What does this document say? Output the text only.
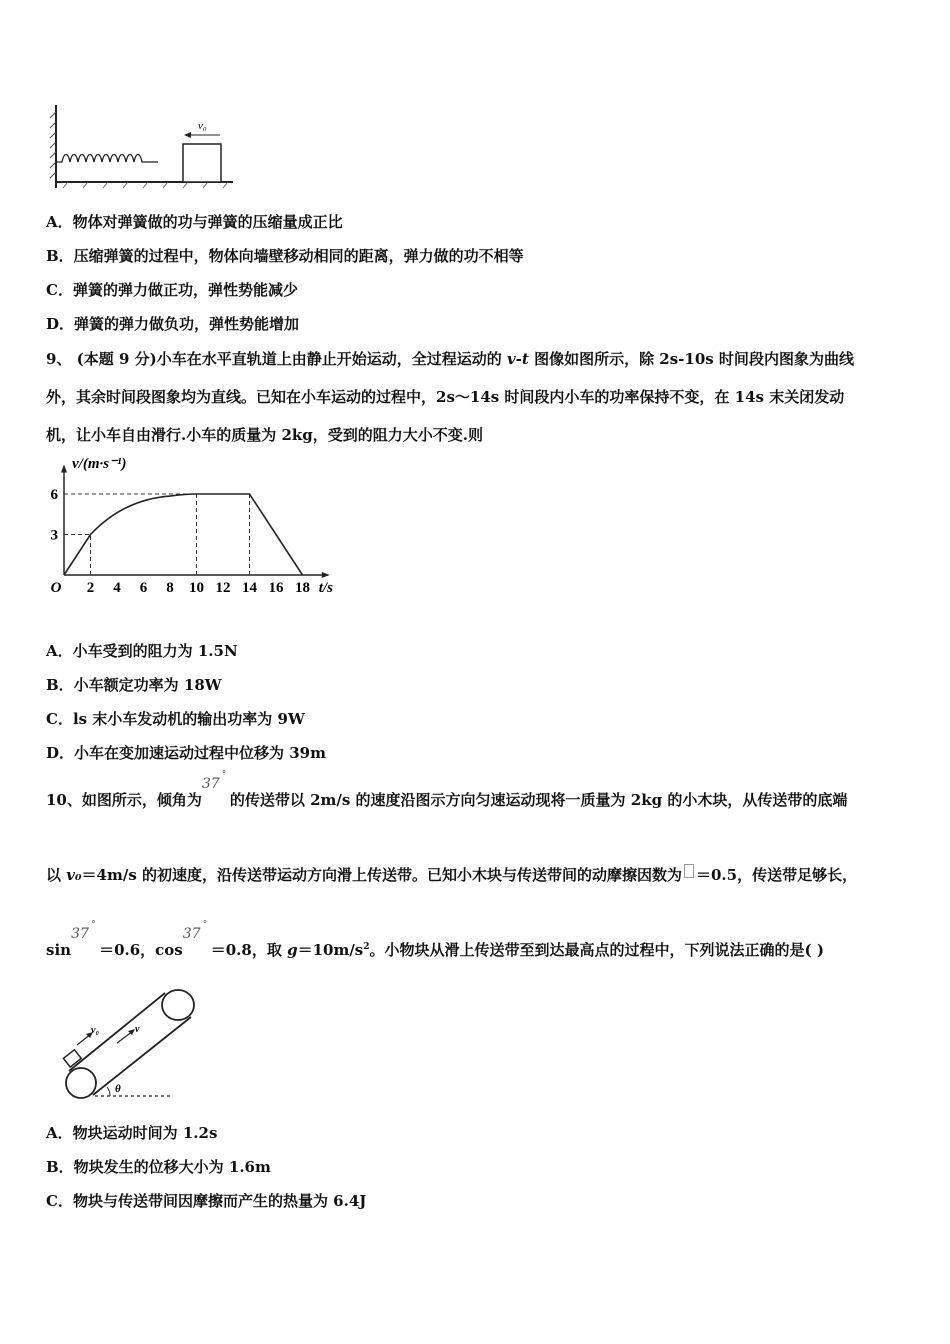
v₀
A．物体对弹簧做的功与弹簧的压缩量成正比
B．压缩弹簧的过程中，物体向墙壁移动相同的距离，弹力做的功不相等
C．弹簧的弹力做正功，弹性势能减少
D．弹簧的弹力做负功，弹性势能增加
9、 (本题 9 分)小车在水平直轨道上由静止开始运动，全过程运动的 v-t 图像如图所示，除 2s-10s 时间段内图象为曲线
外，其余时间段图象均为直线。已知在小车运动的过程中，2s～14s 时间段内小车的功率保持不变，在 14s 末关闭发动
机，让小车自由滑行.小车的质量为 2kg，受到的阻力大小不变.则
2 4 6 8 10 12 14 16 18
3
6
O	t/s
v/(m·s⁻¹)
A．小车受到的阻力为 1.5N
B．小车额定功率为 18W
C．ls 末小车发动机的输出功率为 9W
D．小车在变加速运动过程中位移为 39m
10、如图所示，倾角为
37
°
的传送带以 2m/s 的速度沿图示方向匀速运动现将一质量为 2kg 的小木块，从传送带的底端
以 v₀＝4m/s 的初速度，沿传送带运动方向滑上传送带。已知小木块与传送带间的动摩擦因数为 ＝0.5，传送带足够长，
sin
37
°
＝0.6，cos
37
°
＝0.8，取 $g=10m/s^2$。小物块从滑上传送带至到达最高点的过程中，下列说法正确的是( )
v₀	v
θ
A．物块运动时间为 1.2s
B．物块发生的位移大小为 1.6m
C．物块与传送带间因摩擦而产生的热量为 6.4J
